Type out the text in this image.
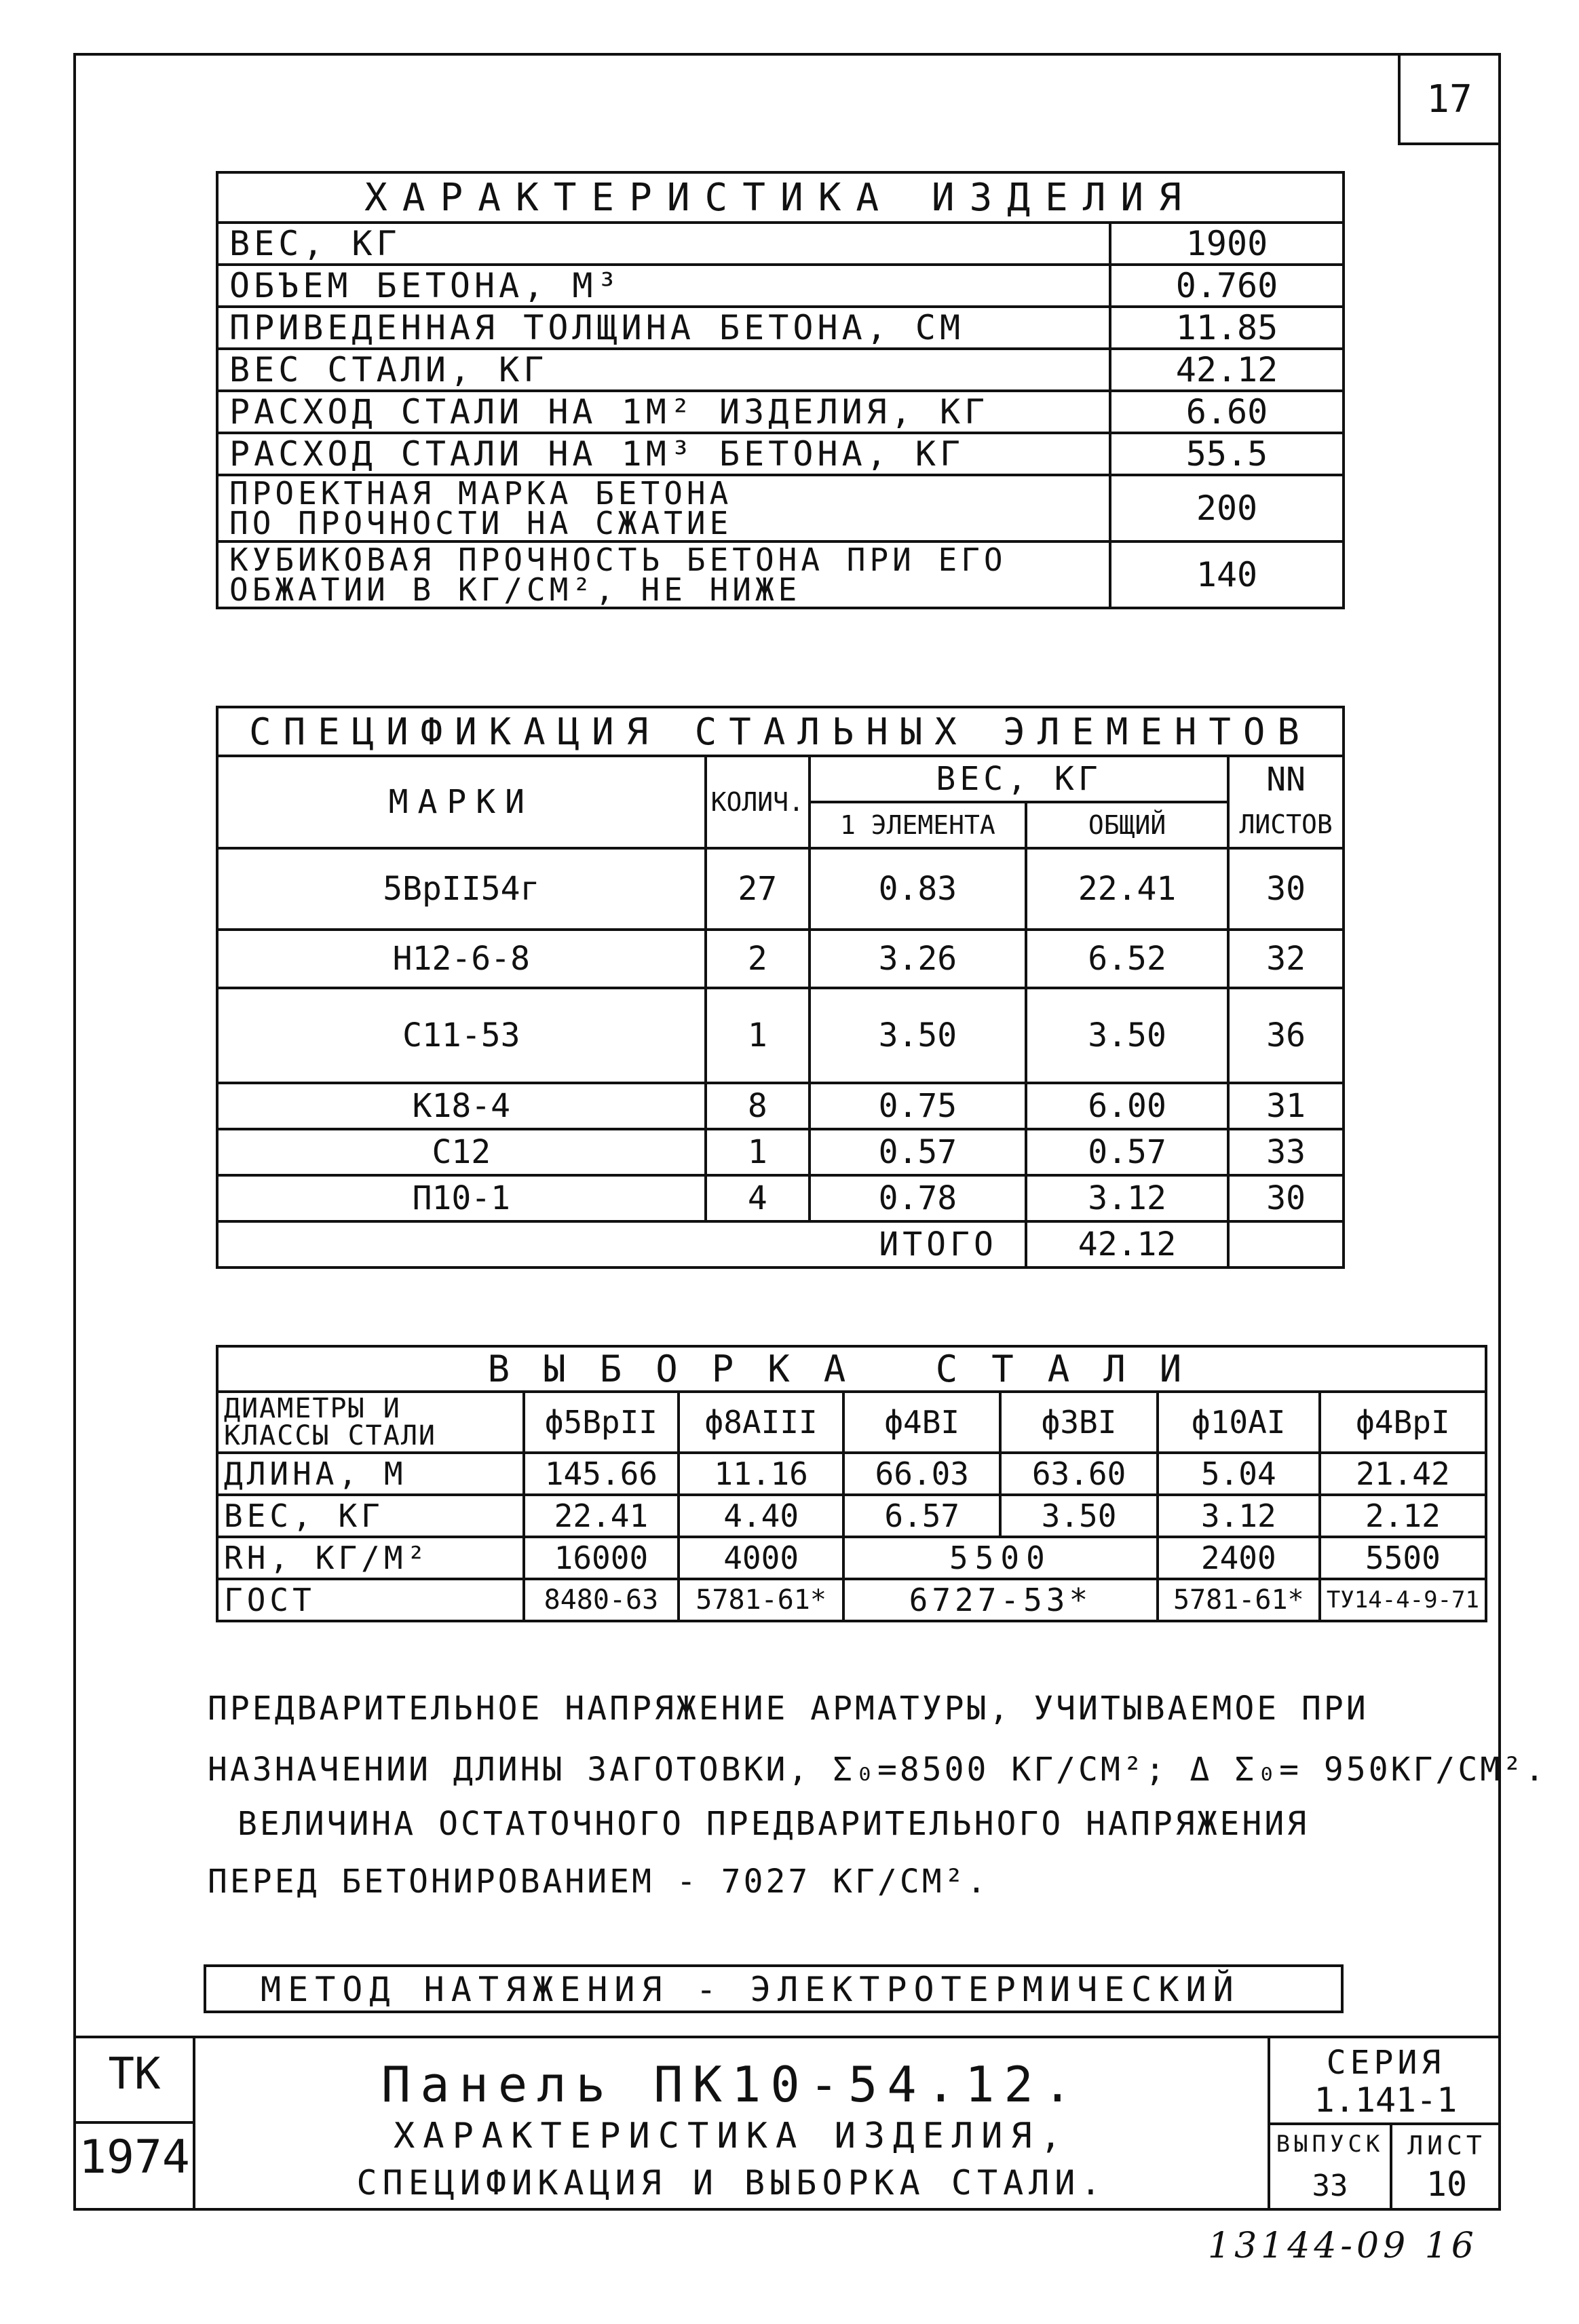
17
ХАРАКТЕРИСТИКА ИЗДЕЛИЯ	
ВЕС, КГ	1900
ОБЪЕМ БЕТОНА, М³	0.760
ПРИВЕДЕННАЯ ТОЛЩИНА БЕТОНА, СМ	11.85
ВЕС СТАЛИ, КГ	42.12
РАСХОД СТАЛИ НА 1М² ИЗДЕЛИЯ, КГ	6.60
РАСХОД СТАЛИ НА 1М³ БЕТОНА, КГ	55.5

ПРОЕКТНАЯ МАРКА БЕТОНА
ПО ПРОЧНОСТИ НА СЖАТИЕ	200

КУБИКОВАЯ ПРОЧНОСТЬ БЕТОНА ПРИ ЕГО
ОБЖАТИИ В КГ/СМ², НЕ НИЖЕ	140
СПЕЦИФИКАЦИЯ СТАЛЬНЫХ ЭЛЕМЕНТОВ				
МАРКИ	КОЛИЧ.	ВЕС, КГ		NN
		1 ЭЛЕМЕНТА	ОБЩИЙ	ЛИСТОВ
5ВрII54г	27	0.83	22.41	30
Н12-6-8	2	3.26	6.52	32
С11-53	1	3.50	3.50	36
К18-4	8	0.75	6.00	31
С12	1	0.57	0.57	33
П10-1	4	0.78	3.12	30
ИТОГО			42.12	
ВЫБОРКА СТАЛИ						

ДИАМЕТРЫ И
КЛАССЫ СТАЛИ	ф5ВрII	ф8АIII	ф4ВI	ф3ВI	ф10АI	ф4ВрI
ДЛИНА, М	145.66	11.16	66.03	63.60	5.04	21.42
ВЕС, КГ	22.41	4.40	6.57	3.50	3.12	2.12
RН, КГ/М²	16000	4000	5500		2400	5500
ГОСТ	8480-63	5781-61*	6727-53*		5781-61*	ТУ14-4-9-71
ПРЕДВАРИТЕЛЬНОЕ НАПРЯЖЕНИЕ АРМАТУРЫ, УЧИТЫВАЕМОЕ ПРИ
НАЗНАЧЕНИИ ДЛИНЫ ЗАГОТОВКИ, Σ₀=8500 КГ/СМ²; Δ Σ₀= 950КГ/СМ².
ВЕЛИЧИНА ОСТАТОЧНОГО ПРЕДВАРИТЕЛЬНОГО НАПРЯЖЕНИЯ
ПЕРЕД БЕТОНИРОВАНИЕМ - 7027 КГ/СМ².
МЕТОД НАТЯЖЕНИЯ - ЭЛЕКТРОТЕРМИЧЕСКИЙ
ТК
1974
Панель ПК10-54.12.
ХАРАКТЕРИСТИКА ИЗДЕЛИЯ,
СПЕЦИФИКАЦИЯ И ВЫБОРКА СТАЛИ.
СЕРИЯ
1.141-1
ВЫПУСК
33
ЛИСТ
10
13144-09 16
